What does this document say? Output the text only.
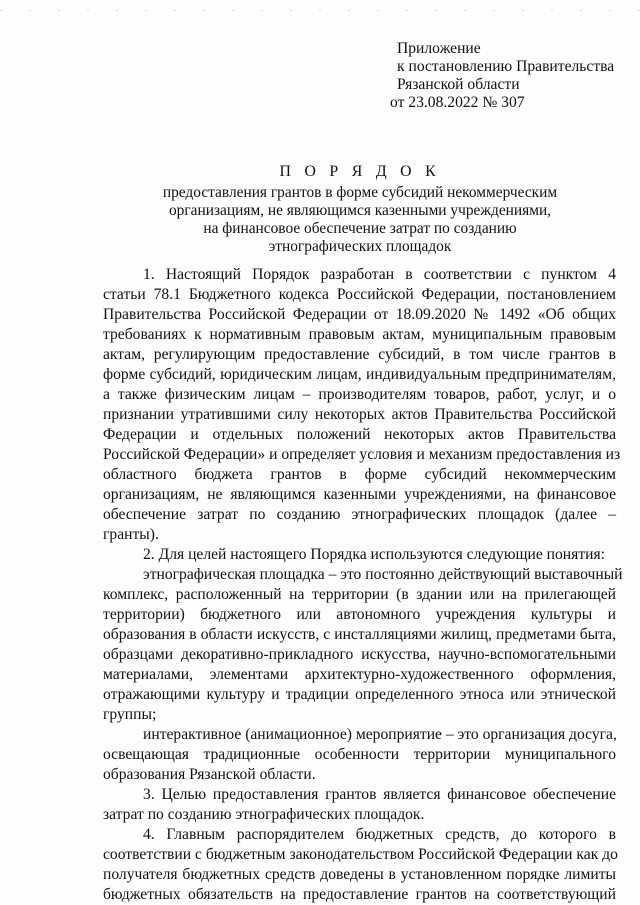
Приложение
к постановлению Правительства
Рязанской области
от 23.08.2022 № 307
П О Р Я Д О К
предоставления грантов в форме субсидий некоммерческим
организациям, не являющимся казенными учреждениями,
на финансовое обеспечение затрат по созданию
этнографических площадок
1. Настоящий Порядок разработан в соответствии с пунктом 4
статьи 78.1 Бюджетного кодекса Российской Федерации, постановлением
Правительства Российской Федерации от 18.09.2020 № 1492 «Об общих
требованиях к нормативным правовым актам, муниципальным правовым
актам, регулирующим предоставление субсидий, в том числе грантов в
форме субсидий, юридическим лицам, индивидуальным предпринимателям,
а также физическим лицам – производителям товаров, работ, услуг, и о
признании утратившими силу некоторых актов Правительства Российской
Федерации и отдельных положений некоторых актов Правительства
Российской Федерации» и определяет условия и механизм предоставления из
областного бюджета грантов в форме субсидий некоммерческим
организациям, не являющимся казенными учреждениями, на финансовое
обеспечение затрат по созданию этнографических площадок (далее –
гранты).
2. Для целей настоящего Порядка используются следующие понятия:
этнографическая площадка – это постоянно действующий выставочный
комплекс, расположенный на территории (в здании или на прилегающей
территории) бюджетного или автономного учреждения культуры и
образования в области искусств, с инсталляциями жилищ, предметами быта,
образцами декоративно-прикладного искусства, научно-вспомогательными
материалами, элементами архитектурно-художественного оформления,
отражающими культуру и традиции определенного этноса или этнической
группы;
интерактивное (анимационное) мероприятие – это организация досуга,
освещающая традиционные особенности территории муниципального
образования Рязанской области.
3. Целью предоставления грантов является финансовое обеспечение
затрат по созданию этнографических площадок.
4. Главным распорядителем бюджетных средств, до которого в
соответствии с бюджетным законодательством Российской Федерации как до
получателя бюджетных средств доведены в установленном порядке лимиты
бюджетных обязательств на предоставление грантов на соответствующий
